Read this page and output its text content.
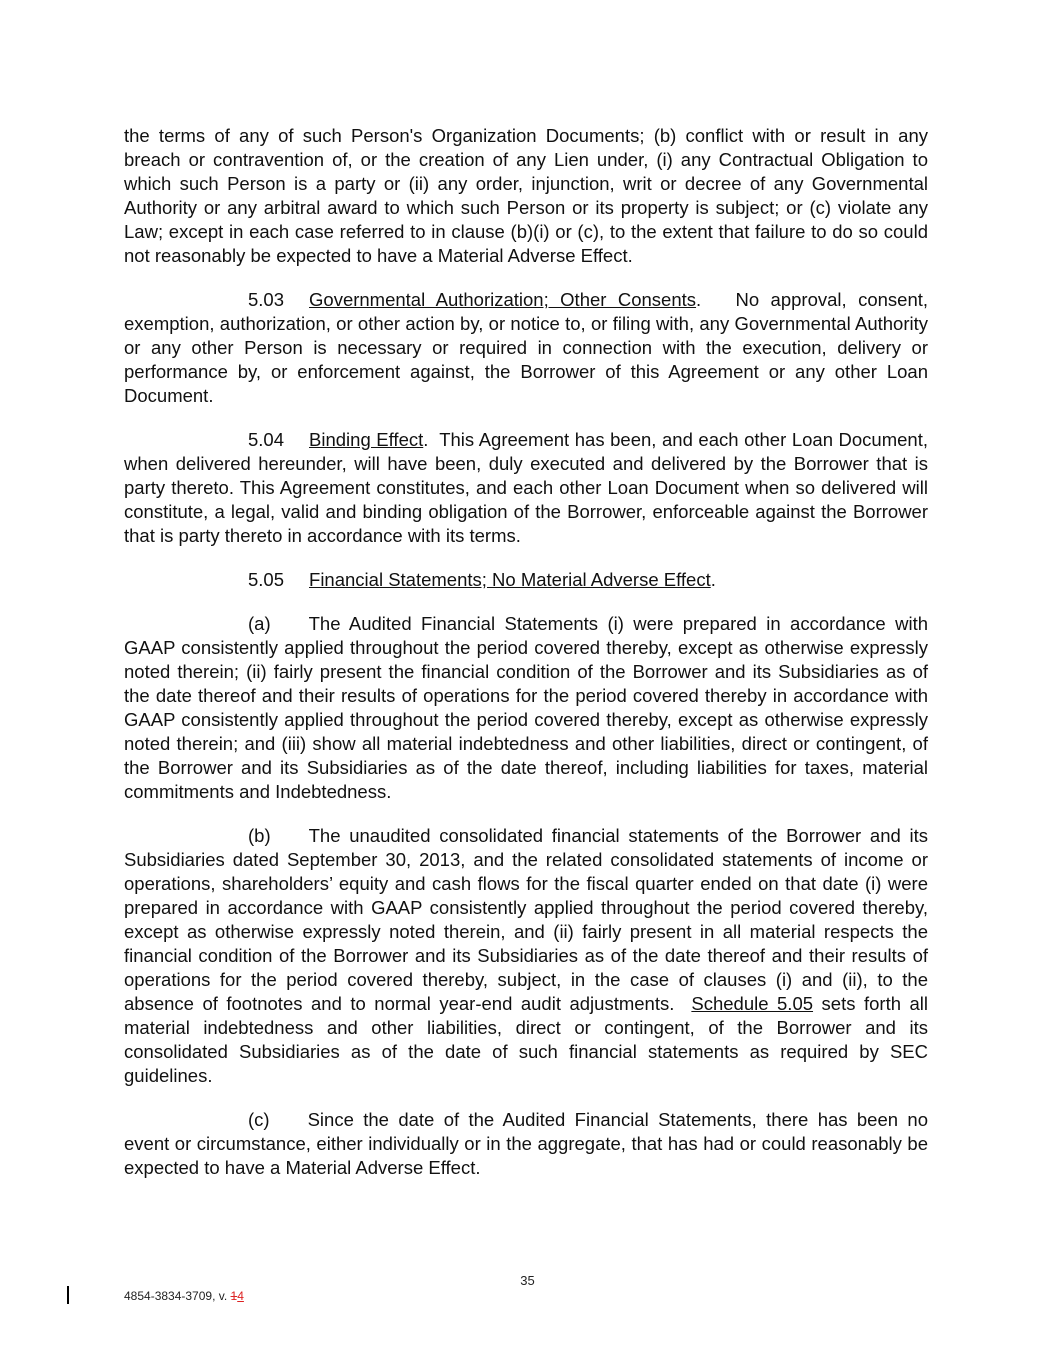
the terms of any of such Person's Organization Documents; (b) conflict with or result in any breach or contravention of, or the creation of any Lien under, (i) any Contractual Obligation to which such Person is a party or (ii) any order, injunction, writ or decree of any Governmental Authority or any arbitral award to which such Person or its property is subject; or (c) violate any Law; except in each case referred to in clause (b)(i) or (c), to the extent that failure to do so could not reasonably be expected to have a Material Adverse Effect.

5.03 Governmental Authorization; Other Consents.   No approval, consent, exemption, authorization, or other action by, or notice to, or filing with, any Governmental Authority or any other Person is necessary or required in connection with the execution, delivery or performance by, or enforcement against, the Borrower of this Agreement or any other Loan Document.

5.04 Binding Effect.  This Agreement has been, and each other Loan Document, when delivered hereunder, will have been, duly executed and delivered by the Borrower that is party thereto. This Agreement constitutes, and each other Loan Document when so delivered will constitute, a legal, valid and binding obligation of the Borrower, enforceable against the Borrower that is party thereto in accordance with its terms.

5.05 Financial Statements; No Material Adverse Effect.

(a) The Audited Financial Statements (i) were prepared in accordance with GAAP consistently applied throughout the period covered thereby, except as otherwise expressly noted therein; (ii) fairly present the financial condition of the Borrower and its Subsidiaries as of the date thereof and their results of operations for the period covered thereby in accordance with GAAP consistently applied throughout the period covered thereby, except as otherwise expressly noted therein; and (iii) show all material indebtedness and other liabilities, direct or contingent, of the Borrower and its Subsidiaries as of the date thereof, including liabilities for taxes, material commitments and Indebtedness.

(b) The unaudited consolidated financial statements of the Borrower and its Subsidiaries dated September 30, 2013, and the related consolidated statements of income or operations, shareholders’ equity and cash flows for the fiscal quarter ended on that date (i) were prepared in accordance with GAAP consistently applied throughout the period covered thereby, except as otherwise expressly noted therein, and (ii) fairly present in all material respects the financial condition of the Borrower and its Subsidiaries as of the date thereof and their results of operations for the period covered thereby, subject, in the case of clauses (i) and (ii), to the absence of footnotes and to normal year-end audit adjustments. Schedule 5.05 sets forth all material indebtedness and other liabilities, direct or contingent, of the Borrower and its consolidated Subsidiaries as of the date of such financial statements as required by SEC guidelines.

(c) Since the date of the Audited Financial Statements, there has been no event or circumstance, either individually or in the aggregate, that has had or could reasonably be expected to have a Material Adverse Effect.

35
4854-3834-3709, v. 14
